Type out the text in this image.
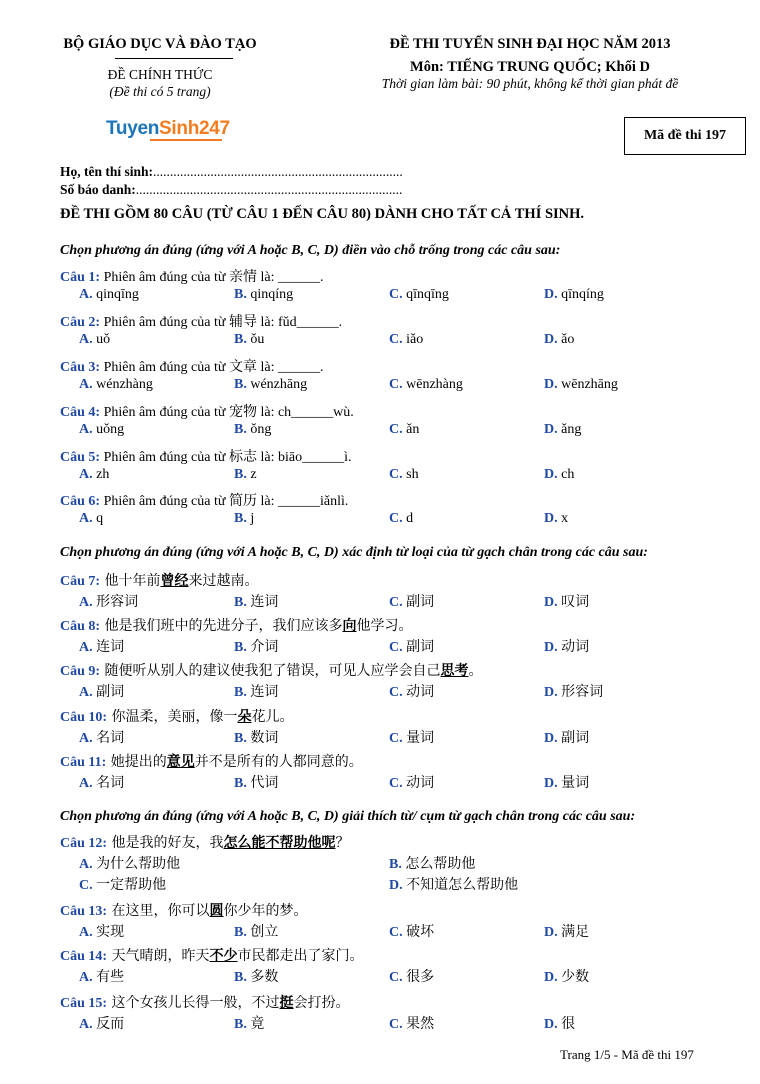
BỘ GIÁO DỤC VÀ ĐÀO TẠO
ĐỀ CHÍNH THỨC
(Đề thi có 5 trang)
ĐỀ THI TUYỂN SINH ĐẠI HỌC NĂM 2013
Môn: TIẾNG TRUNG QUỐC; Khối D
Thời gian làm bài: 90 phút, không kể thời gian phát đề
TuyenSinh247	Mã đề thi 197
Họ, tên thí sinh:..........................................................................
Số báo danh:...............................................................................
ĐỀ THI GỒM 80 CÂU (TỪ CÂU 1 ĐẾN CÂU 80) DÀNH CHO TẤT CẢ THÍ SINH.
Chọn phương án đúng (ứng với A hoặc B, C, D) điền vào chỗ trống trong các câu sau:
Chọn phương án đúng (ứng với A hoặc B, C, D) xác định từ loại của từ gạch chân trong các câu sau:
Chọn phương án đúng (ứng với A hoặc B, C, D) giải thích từ/ cụm từ gạch chân trong các câu sau:
Câu 1: Phiên âm đúng của từ 亲情 là: ______.
A. qinqīng	B. qinqíng	C. qīnqīng	D. qīnqíng
Câu 2: Phiên âm đúng của từ 辅导 là: fǔd______.
A. uǒ	B. ǒu	C. iǎo	D. ǎo
Câu 3: Phiên âm đúng của từ 文章 là: ______.
A. wénzhàng	B. wénzhāng	C. wēnzhàng	D. wēnzhāng
Câu 4: Phiên âm đúng của từ 宠物 là: ch______wù.
A. uǒng	B. ǒng	C. ǎn	D. ǎng
Câu 5: Phiên âm đúng của từ 标志 là: biāo______ì.
A. zh	B. z	C. sh	D. ch
Câu 6: Phiên âm đúng của từ 简历 là: ______iǎnlì.
A. q	B. j	C. d	D. x
Câu 7: 他十年前曾经来过越南。
A. 形容词	B. 连词	C. 副词	D. 叹词
Câu 8: 他是我们班中的先进分子，我们应该多向他学习。
A. 连词	B. 介词	C. 副词	D. 动词
Câu 9: 随便听从别人的建议使我犯了错误，可见人应学会自己思考。
A. 副词	B. 连词	C. 动词	D. 形容词
Câu 10: 你温柔，美丽，像一朵花儿。
A. 名词	B. 数词	C. 量词	D. 副词
Câu 11: 她提出的意见并不是所有的人都同意的。
A. 名词	B. 代词	C. 动词	D. 量词
Câu 12: 他是我的好友，我怎么能不帮助他呢？
A. 为什么帮助他	B. 怎么帮助他
C. 一定帮助他	D. 不知道怎么帮助他
Câu 13: 在这里，你可以圆你少年的梦。
A. 实现	B. 创立	C. 破坏	D. 满足
Câu 14: 天气晴朗，昨天不少市民都走出了家门。
A. 有些	B. 多数	C. 很多	D. 少数
Câu 15: 这个女孩儿长得一般，不过挺会打扮。
A. 反而	B. 竟	C. 果然	D. 很
Trang 1/5 - Mã đề thi 197
